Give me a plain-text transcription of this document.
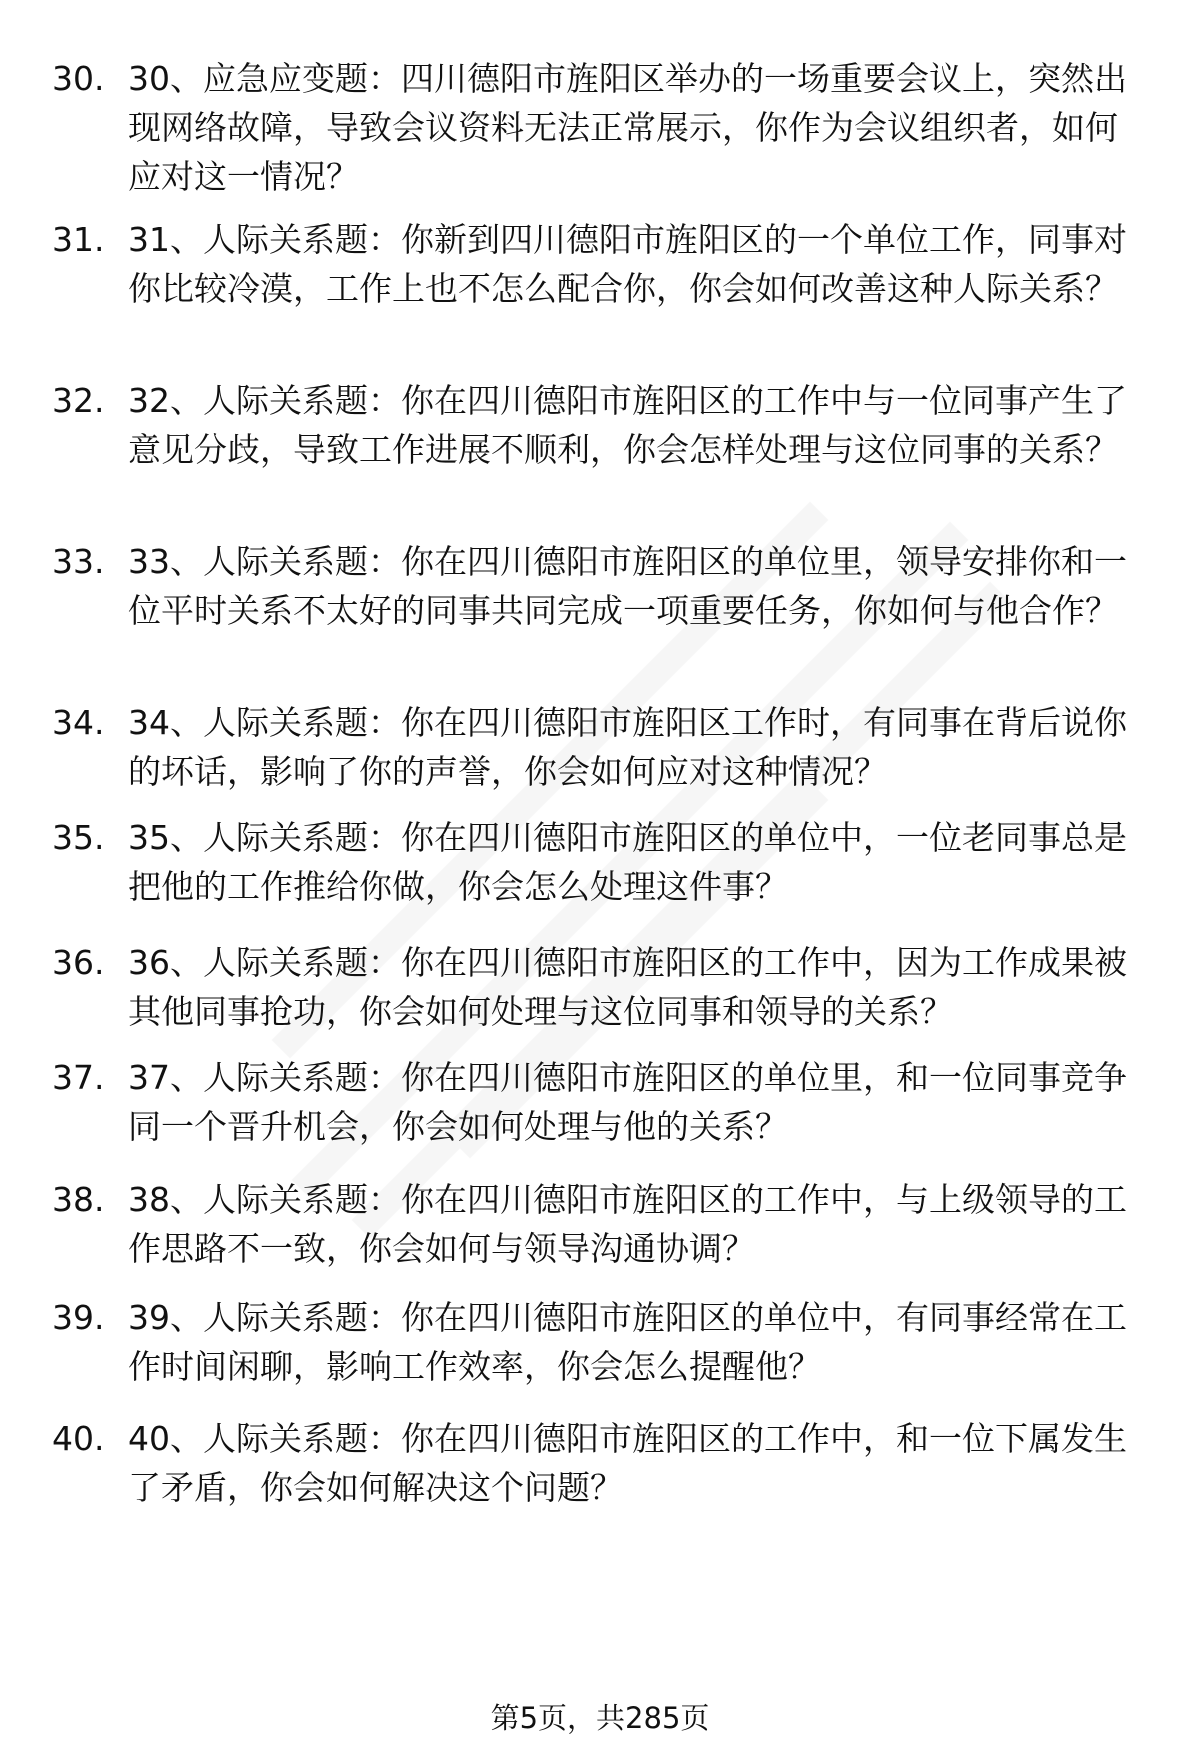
30. 30、应急应变题：四川德阳市旌阳区举办的一场重要会议上，突然出现网络故障，导致会议资料无法正常展示，你作为会议组织者，如何应对这一情况？
31. 31、人际关系题：你新到四川德阳市旌阳区的一个单位工作，同事对你比较冷漠，工作上也不怎么配合你，你会如何改善这种人际关系？
32. 32、人际关系题：你在四川德阳市旌阳区的工作中与一位同事产生了意见分歧，导致工作进展不顺利，你会怎样处理与这位同事的关系？
33. 33、人际关系题：你在四川德阳市旌阳区的单位里，领导安排你和一位平时关系不太好的同事共同完成一项重要任务，你如何与他合作？
34. 34、人际关系题：你在四川德阳市旌阳区工作时，有同事在背后说你的坏话，影响了你的声誉，你会如何应对这种情况？
35. 35、人际关系题：你在四川德阳市旌阳区的单位中，一位老同事总是把他的工作推给你做，你会怎么处理这件事？
36. 36、人际关系题：你在四川德阳市旌阳区的工作中，因为工作成果被其他同事抢功，你会如何处理与这位同事和领导的关系？
37. 37、人际关系题：你在四川德阳市旌阳区的单位里，和一位同事竞争同一个晋升机会，你会如何处理与他的关系？
38. 38、人际关系题：你在四川德阳市旌阳区的工作中，与上级领导的工作思路不一致，你会如何与领导沟通协调？
39. 39、人际关系题：你在四川德阳市旌阳区的单位中，有同事经常在工作时间闲聊，影响工作效率，你会怎么提醒他？
40. 40、人际关系题：你在四川德阳市旌阳区的工作中，和一位下属发生了矛盾，你会如何解决这个问题？
第5页，共285页
